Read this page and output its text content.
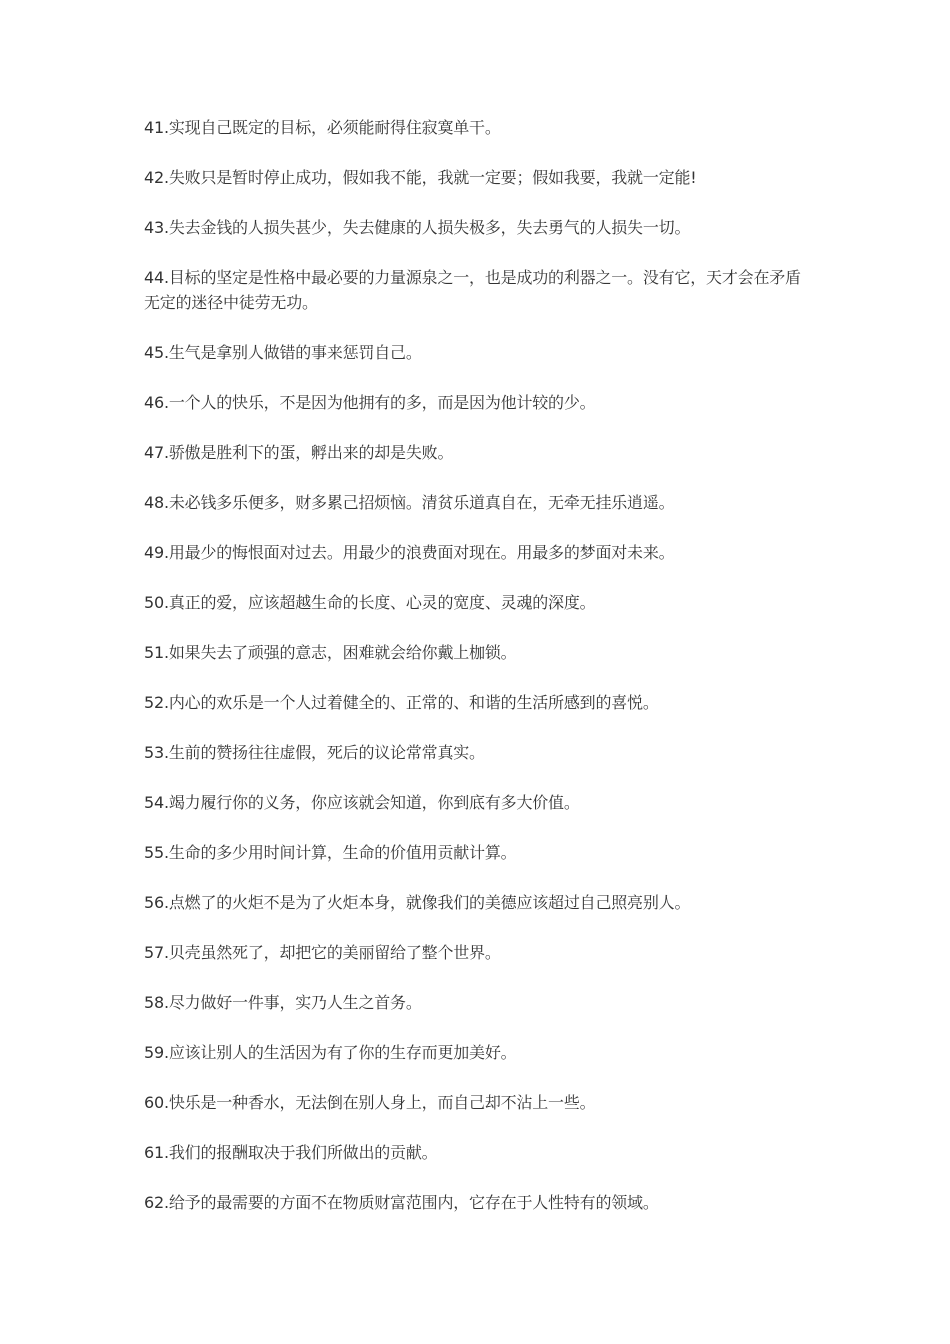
41.实现自己既定的目标，必须能耐得住寂寞单干。

42.失败只是暂时停止成功，假如我不能，我就一定要；假如我要，我就一定能!

43.失去金钱的人损失甚少，失去健康的人损失极多，失去勇气的人损失一切。

44.目标的坚定是性格中最必要的力量源泉之一，也是成功的利器之一。没有它，天才会在矛盾无定的迷径中徒劳无功。

45.生气是拿别人做错的事来惩罚自己。

46.一个人的快乐，不是因为他拥有的多，而是因为他计较的少。

47.骄傲是胜利下的蛋，孵出来的却是失败。

48.未必钱多乐便多，财多累己招烦恼。清贫乐道真自在，无牵无挂乐逍遥。

49.用最少的悔恨面对过去。用最少的浪费面对现在。用最多的梦面对未来。

50.真正的爱，应该超越生命的长度、心灵的宽度、灵魂的深度。

51.如果失去了顽强的意志，困难就会给你戴上枷锁。

52.内心的欢乐是一个人过着健全的、正常的、和谐的生活所感到的喜悦。

53.生前的赞扬往往虚假，死后的议论常常真实。

54.竭力履行你的义务，你应该就会知道，你到底有多大价值。

55.生命的多少用时间计算，生命的价值用贡献计算。

56.点燃了的火炬不是为了火炬本身，就像我们的美德应该超过自己照亮别人。

57.贝壳虽然死了，却把它的美丽留给了整个世界。

58.尽力做好一件事，实乃人生之首务。

59.应该让别人的生活因为有了你的生存而更加美好。

60.快乐是一种香水，无法倒在别人身上，而自己却不沾上一些。

61.我们的报酬取决于我们所做出的贡献。

62.给予的最需要的方面不在物质财富范围内，它存在于人性特有的领域。
